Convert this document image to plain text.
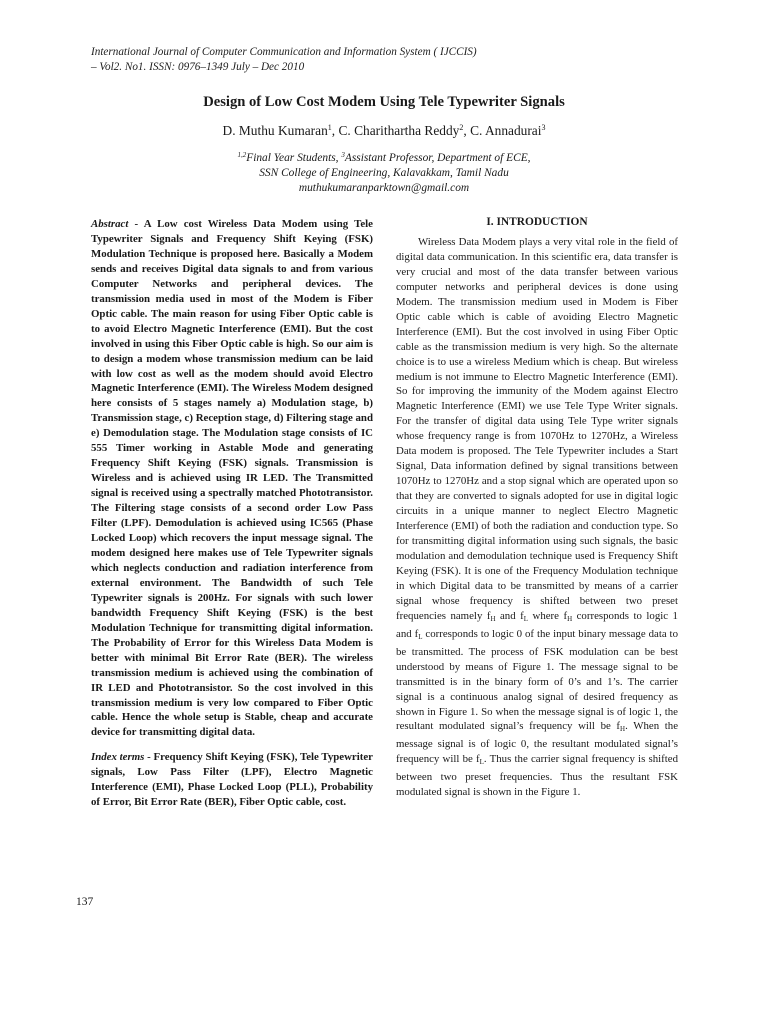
International Journal of Computer Communication and Information System ( IJCCIS)
– Vol2. No1. ISSN: 0976–1349 July – Dec 2010
Design of Low Cost Modem Using Tele Typewriter Signals
D. Muthu Kumaran$^1$, C. Charithartha Reddy$^2$, C. Annadurai$^3$
$^{1,2}$Final Year Students, $^3$Assistant Professor, Department of ECE,
SSN College of Engineering, Kalavakkam, Tamil Nadu
muthukumaranparktown@gmail.com

Abstract - A Low cost Wireless Data Modem using Tele Typewriter Signals and Frequency Shift Keying (FSK) Modulation Technique is proposed here. Basically a Modem sends and receives Digital data signals to and from various Computer Networks and peripheral devices. The transmission media used in most of the Modem is Fiber Optic cable. The main reason for using Fiber Optic cable is to avoid Electro Magnetic Interference (EMI). But the cost involved in using this Fiber Optic cable is high. So our aim is to design a modem whose transmission medium can be laid with low cost as well as the modem should avoid Electro Magnetic Interference (EMI). The Wireless Modem designed here consists of 5 stages namely a) Modulation stage, b) Transmission stage, c) Reception stage, d) Filtering stage and e) Demodulation stage. The Modulation stage consists of IC 555 Timer working in Astable Mode and generating Frequency Shift Keying (FSK) signals. Transmission is Wireless and is achieved using IR LED. The Transmitted signal is received using a spectrally matched Phototransistor. The Filtering stage consists of a second order Low Pass Filter (LPF). Demodulation is achieved using IC565 (Phase Locked Loop) which recovers the input message signal. The modem designed here makes use of Tele Typewriter signals which neglects conduction and radiation interference from external environment. The Bandwidth of such Tele Typewriter signals is 200Hz. For signals with such lower bandwidth Frequency Shift Keying (FSK) is the best Modulation Technique for transmitting digital information. The Probability of Error for this Wireless Data Modem is better with minimal Bit Error Rate (BER). The wireless transmission medium is achieved using the combination of IR LED and Phototransistor. So the cost involved in this transmission medium is very low compared to Fiber Optic cable. Hence the whole setup is Stable, cheap and accurate device for transmitting digital data.

Index terms - Frequency Shift Keying (FSK), Tele Typewriter signals, Low Pass Filter (LPF), Electro Magnetic Interference (EMI), Phase Locked Loop (PLL), Probability of Error, Bit Error Rate (BER), Fiber Optic cable, cost.

I. INTRODUCTION

Wireless Data Modem plays a very vital role in the field of digital data communication. In this scientific era, data transfer is very crucial and most of the data transfer between various computer networks and peripheral devices is done using Modem. The transmission medium used in Modem is Fiber Optic cable which is cable of avoiding Electro Magnetic Interference (EMI). But the cost involved in using Fiber Optic cable as the transmission medium is very high. So the alternate choice is to use a wireless Medium which is cheap. But wireless medium is not immune to Electro Magnetic Interference (EMI). So for improving the immunity of the Modem against Electro Magnetic Interference (EMI) we use Tele Type Writer signals. For the transfer of digital data using Tele Type writer signals whose frequency range is from 1070Hz to 1270Hz, a Wireless Data modem is proposed. The Tele Typewriter includes a Start Signal, Data information defined by signal transitions between 1070Hz to 1270Hz and a stop signal which are operated upon so that they are converted to signals adopted for use in digital logic circuits in a unique manner to neglect Electro Magnetic Interference (EMI) of both the radiation and conduction type. So for transmitting digital information using such signals, the basic modulation and demodulation technique used is Frequency Shift Keying (FSK). It is one of the Frequency Modulation technique in which Digital data to be transmitted by means of a carrier signal whose frequency is shifted between two preset frequencies namely $f_H$ and $f_L$ where $f_H$ corresponds to logic 1 and $f_L$ corresponds to logic 0 of the input binary message data to be transmitted. The process of FSK modulation can be best understood by means of Figure 1. The message signal to be transmitted is in the binary form of 0’s and 1’s. The carrier signal is a continuous analog signal of desired frequency as shown in Figure 1. So when the message signal is of logic 1, the resultant modulated signal’s frequency will be $f_H$. When the message signal is of logic 0, the resultant modulated signal’s frequency will be $f_L$. Thus the carrier signal frequency is shifted between two preset frequencies. Thus the resultant FSK modulated signal is shown in the Figure 1.

137
